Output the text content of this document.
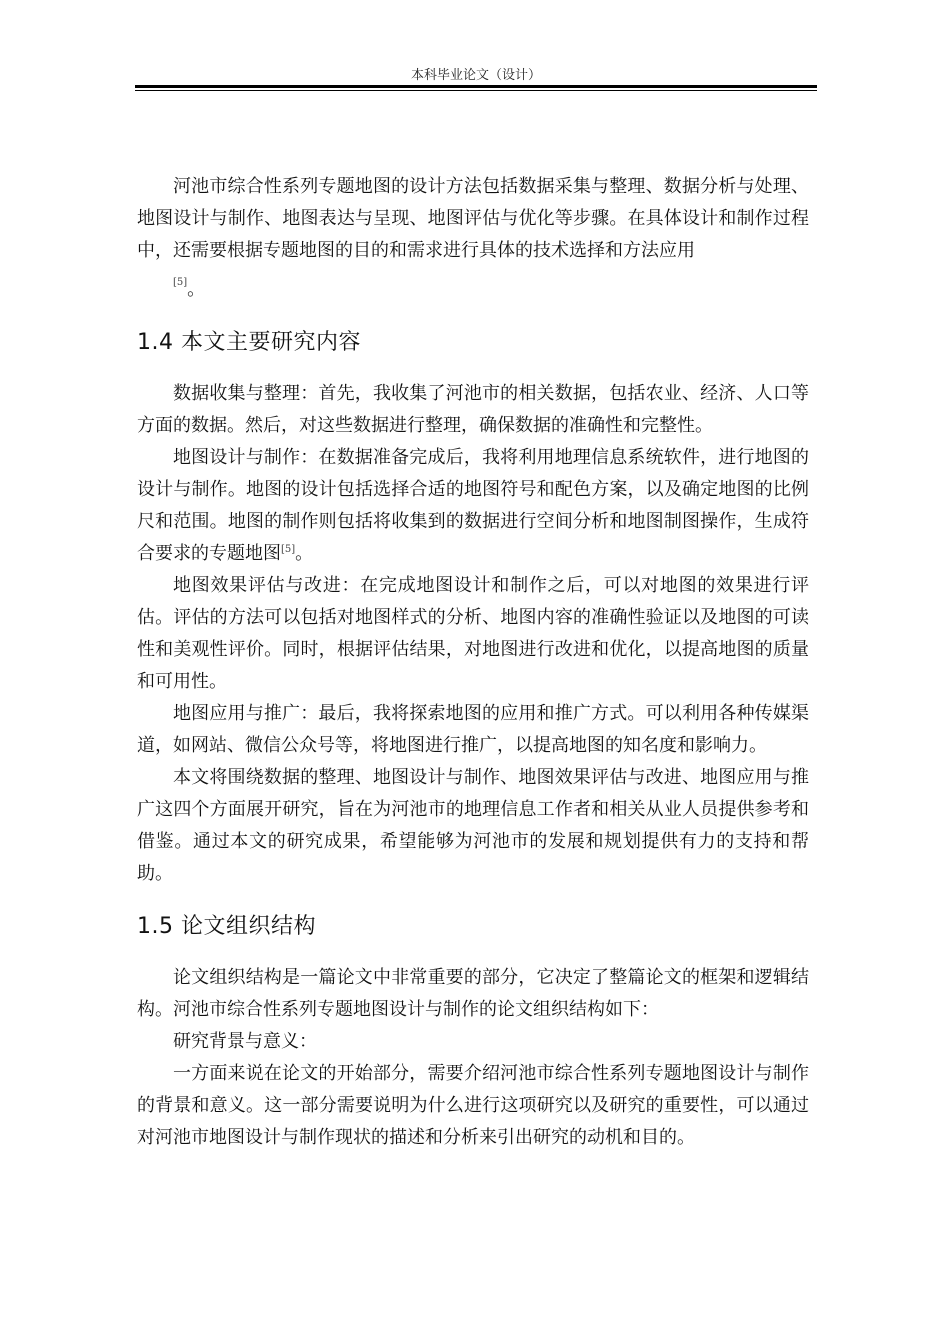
本科毕业论文（设计）

河池市综合性系列专题地图的设计方法包括数据采集与整理、数据分析与处理、地图设计与制作、地图表达与呈现、地图评估与优化等步骤。在具体设计和制作过程中，还需要根据专题地图的目的和需求进行具体的技术选择和方法应用
[5]。

1.4 本文主要研究内容

数据收集与整理：首先，我收集了河池市的相关数据，包括农业、经济、人口等方面的数据。然后，对这些数据进行整理，确保数据的准确性和完整性。

地图设计与制作：在数据准备完成后，我将利用地理信息系统软件，进行地图的设计与制作。地图的设计包括选择合适的地图符号和配色方案，以及确定地图的比例尺和范围。地图的制作则包括将收集到的数据进行空间分析和地图制图操作，生成符合要求的专题地图[5]。

地图效果评估与改进：在完成地图设计和制作之后，可以对地图的效果进行评估。评估的方法可以包括对地图样式的分析、地图内容的准确性验证以及地图的可读性和美观性评价。同时，根据评估结果，对地图进行改进和优化，以提高地图的质量和可用性。

地图应用与推广：最后，我将探索地图的应用和推广方式。可以利用各种传媒渠道，如网站、微信公众号等，将地图进行推广，以提高地图的知名度和影响力。

本文将围绕数据的整理、地图设计与制作、地图效果评估与改进、地图应用与推广这四个方面展开研究，旨在为河池市的地理信息工作者和相关从业人员提供参考和借鉴。通过本文的研究成果，希望能够为河池市的发展和规划提供有力的支持和帮助。

1.5 论文组织结构

论文组织结构是一篇论文中非常重要的部分，它决定了整篇论文的框架和逻辑结构。河池市综合性系列专题地图设计与制作的论文组织结构如下：

研究背景与意义：

一方面来说在论文的开始部分，需要介绍河池市综合性系列专题地图设计与制作的背景和意义。这一部分需要说明为什么进行这项研究以及研究的重要性，可以通过对河池市地图设计与制作现状的描述和分析来引出研究的动机和目的。
